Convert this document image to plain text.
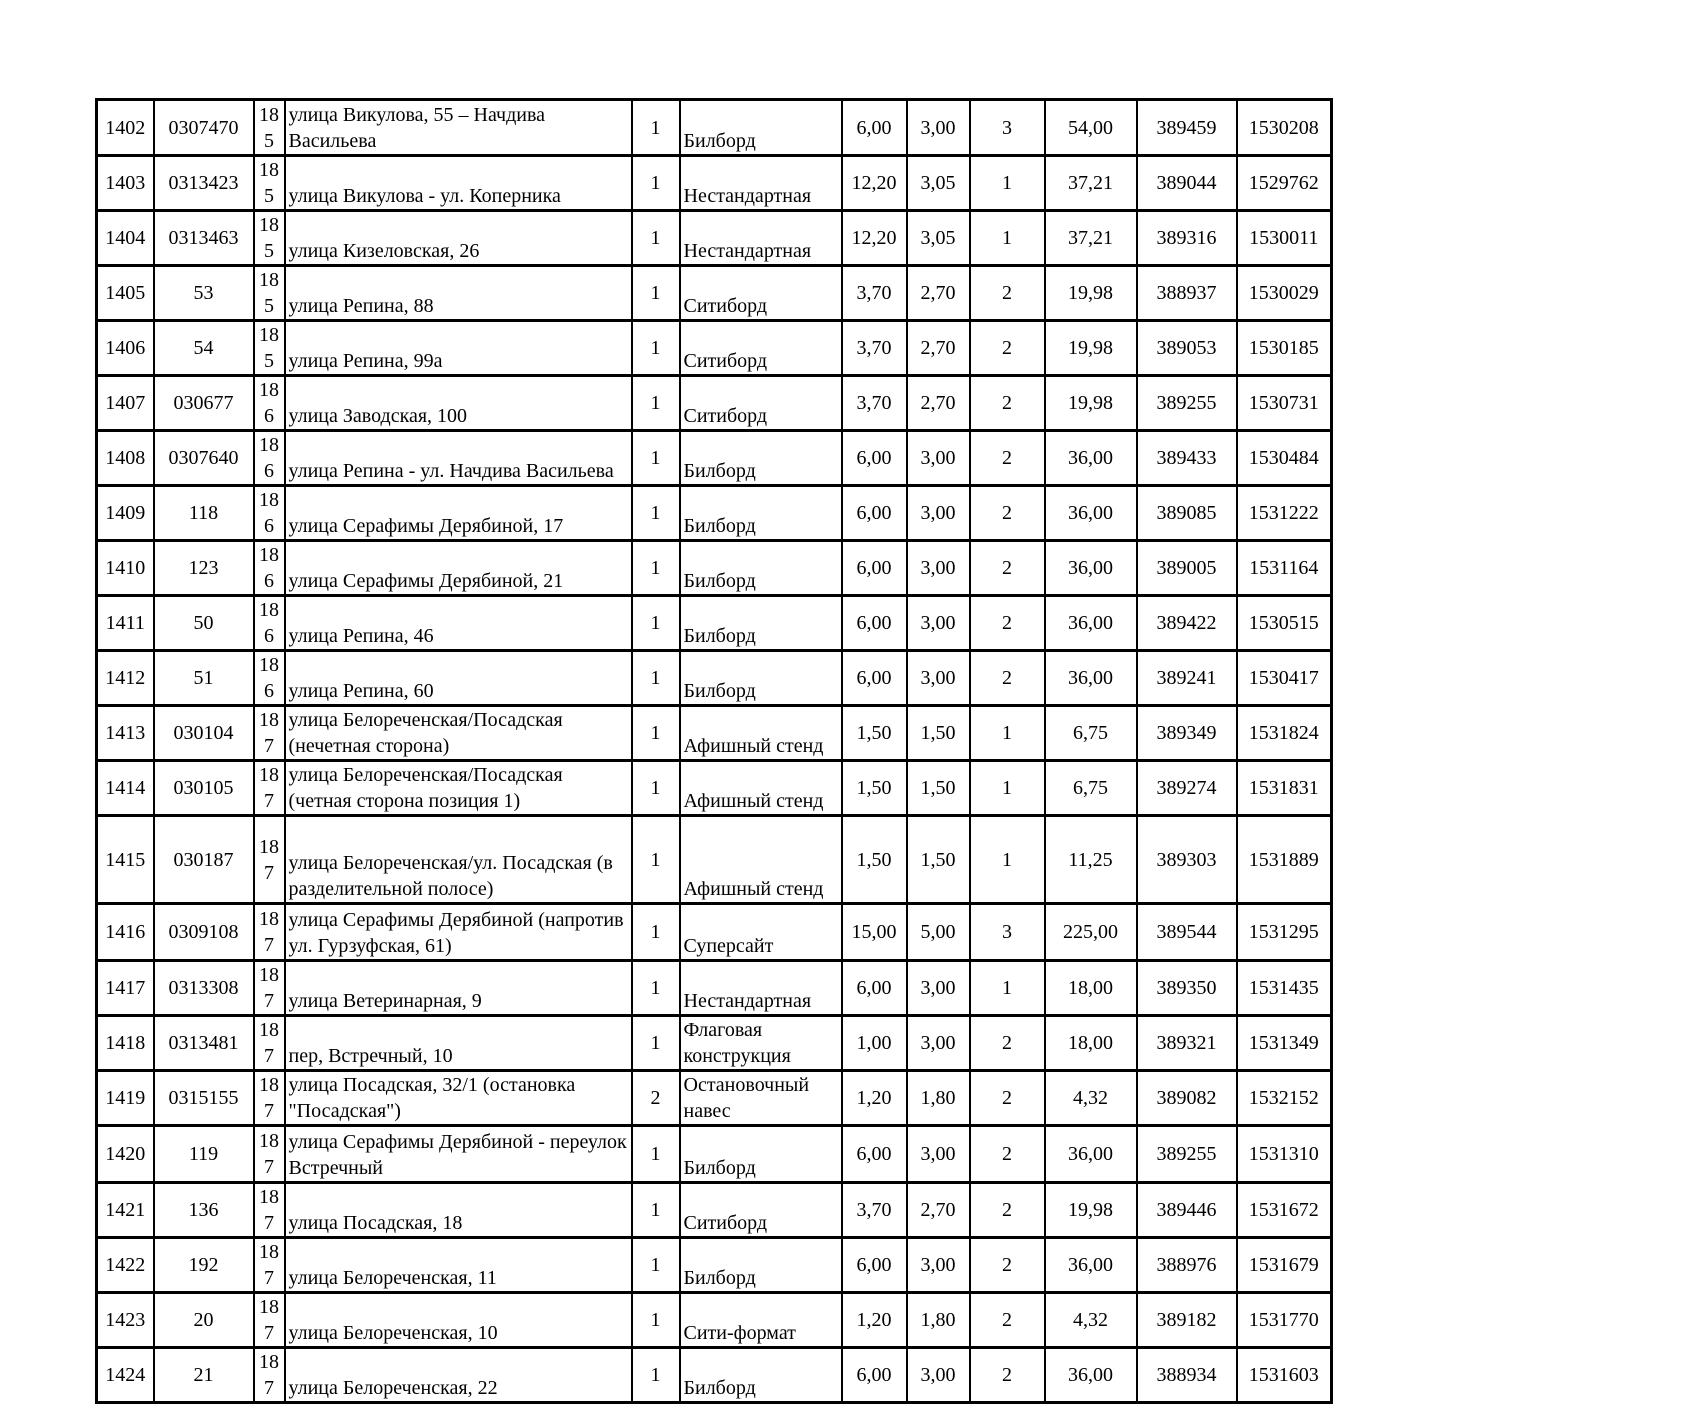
1402	0307470	185	улица Викулова, 55 – Начдива Васильева	1	Билборд	6,00	3,00	3	54,00	389459	1530208
1403	0313423	185	улица Викулова - ул. Коперника	1	Нестандартная	12,20	3,05	1	37,21	389044	1529762
1404	0313463	185	улица Кизеловская, 26	1	Нестандартная	12,20	3,05	1	37,21	389316	1530011
1405	53	185	улица Репина, 88	1	Ситиборд	3,70	2,70	2	19,98	388937	1530029
1406	54	185	улица Репина, 99а	1	Ситиборд	3,70	2,70	2	19,98	389053	1530185
1407	030677	186	улица Заводская, 100	1	Ситиборд	3,70	2,70	2	19,98	389255	1530731
1408	0307640	186	улица Репина - ул. Начдива Васильева	1	Билборд	6,00	3,00	2	36,00	389433	1530484
1409	118	186	улица Серафимы Дерябиной, 17	1	Билборд	6,00	3,00	2	36,00	389085	1531222
1410	123	186	улица Серафимы Дерябиной, 21	1	Билборд	6,00	3,00	2	36,00	389005	1531164
1411	50	186	улица Репина, 46	1	Билборд	6,00	3,00	2	36,00	389422	1530515
1412	51	186	улица Репина, 60	1	Билборд	6,00	3,00	2	36,00	389241	1530417
1413	030104	187	улица Белореченская/Посадская (нечетная сторона)	1	Афишный стенд	1,50	1,50	1	6,75	389349	1531824
1414	030105	187	улица Белореченская/Посадская (четная сторона позиция 1)	1	Афишный стенд	1,50	1,50	1	6,75	389274	1531831
1415	030187	187	улица Белореченская/ул. Посадская (в разделительной полосе)	1	Афишный стенд	1,50	1,50	1	11,25	389303	1531889
1416	0309108	187	улица Серафимы Дерябиной (напротив ул. Гурзуфская, 61)	1	Суперсайт	15,00	5,00	3	225,00	389544	1531295
1417	0313308	187	улица Ветеринарная, 9	1	Нестандартная	6,00	3,00	1	18,00	389350	1531435
1418	0313481	187	пер, Встречный, 10	1	Флаговая конструкция	1,00	3,00	2	18,00	389321	1531349
1419	0315155	187	улица Посадская, 32/1 (остановка "Посадская")	2	Остановочный навес	1,20	1,80	2	4,32	389082	1532152
1420	119	187	улица Серафимы Дерябиной - переулок Встречный	1	Билборд	6,00	3,00	2	36,00	389255	1531310
1421	136	187	улица Посадская, 18	1	Ситиборд	3,70	2,70	2	19,98	389446	1531672
1422	192	187	улица Белореченская, 11	1	Билборд	6,00	3,00	2	36,00	388976	1531679
1423	20	187	улица Белореченская, 10	1	Сити-формат	1,20	1,80	2	4,32	389182	1531770
1424	21	187	улица Белореченская, 22	1	Билборд	6,00	3,00	2	36,00	388934	1531603
